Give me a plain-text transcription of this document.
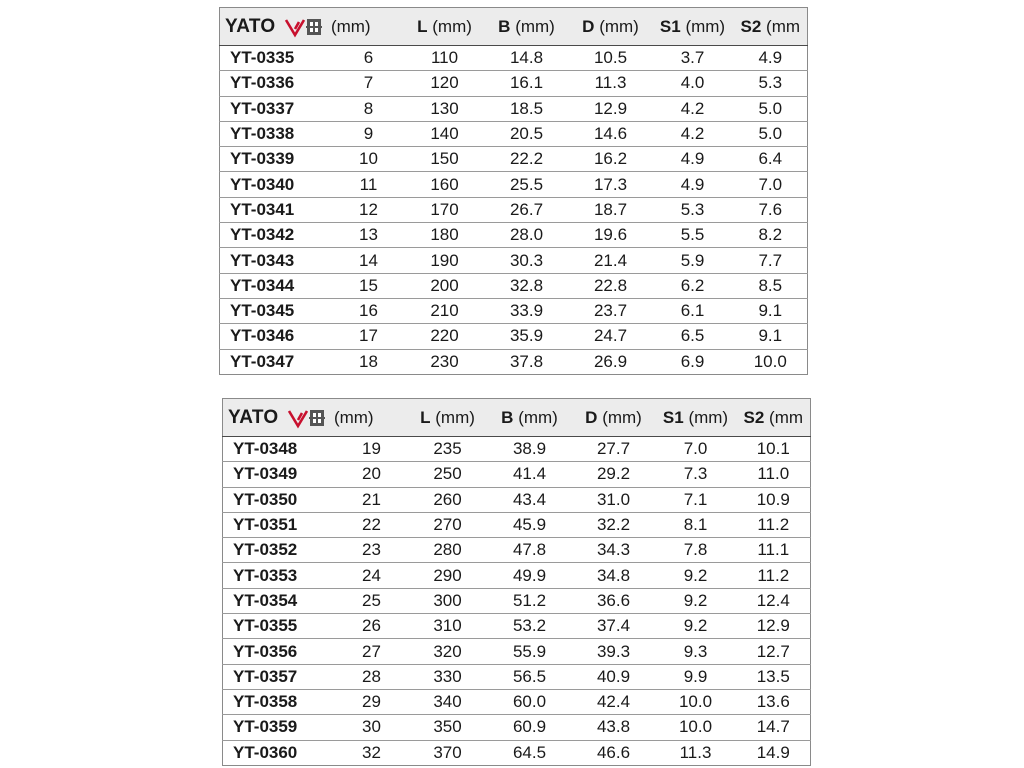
YATO (mm)		L (mm)	B (mm)	D (mm)	S1 (mm)	S2 (mm
YT-0335	6	110	14.8	10.5	3.7	4.9
YT-0336	7	120	16.1	11.3	4.0	5.3
YT-0337	8	130	18.5	12.9	4.2	5.0
YT-0338	9	140	20.5	14.6	4.2	5.0
YT-0339	10	150	22.2	16.2	4.9	6.4
YT-0340	11	160	25.5	17.3	4.9	7.0
YT-0341	12	170	26.7	18.7	5.3	7.6
YT-0342	13	180	28.0	19.6	5.5	8.2
YT-0343	14	190	30.3	21.4	5.9	7.7
YT-0344	15	200	32.8	22.8	6.2	8.5
YT-0345	16	210	33.9	23.7	6.1	9.1
YT-0346	17	220	35.9	24.7	6.5	9.1
YT-0347	18	230	37.8	26.9	6.9	10.0
YATO (mm)		L (mm)	B (mm)	D (mm)	S1 (mm)	S2 (mm
YT-0348	19	235	38.9	27.7	7.0	10.1
YT-0349	20	250	41.4	29.2	7.3	11.0
YT-0350	21	260	43.4	31.0	7.1	10.9
YT-0351	22	270	45.9	32.2	8.1	11.2
YT-0352	23	280	47.8	34.3	7.8	11.1
YT-0353	24	290	49.9	34.8	9.2	11.2
YT-0354	25	300	51.2	36.6	9.2	12.4
YT-0355	26	310	53.2	37.4	9.2	12.9
YT-0356	27	320	55.9	39.3	9.3	12.7
YT-0357	28	330	56.5	40.9	9.9	13.5
YT-0358	29	340	60.0	42.4	10.0	13.6
YT-0359	30	350	60.9	43.8	10.0	14.7
YT-0360	32	370	64.5	46.6	11.3	14.9
